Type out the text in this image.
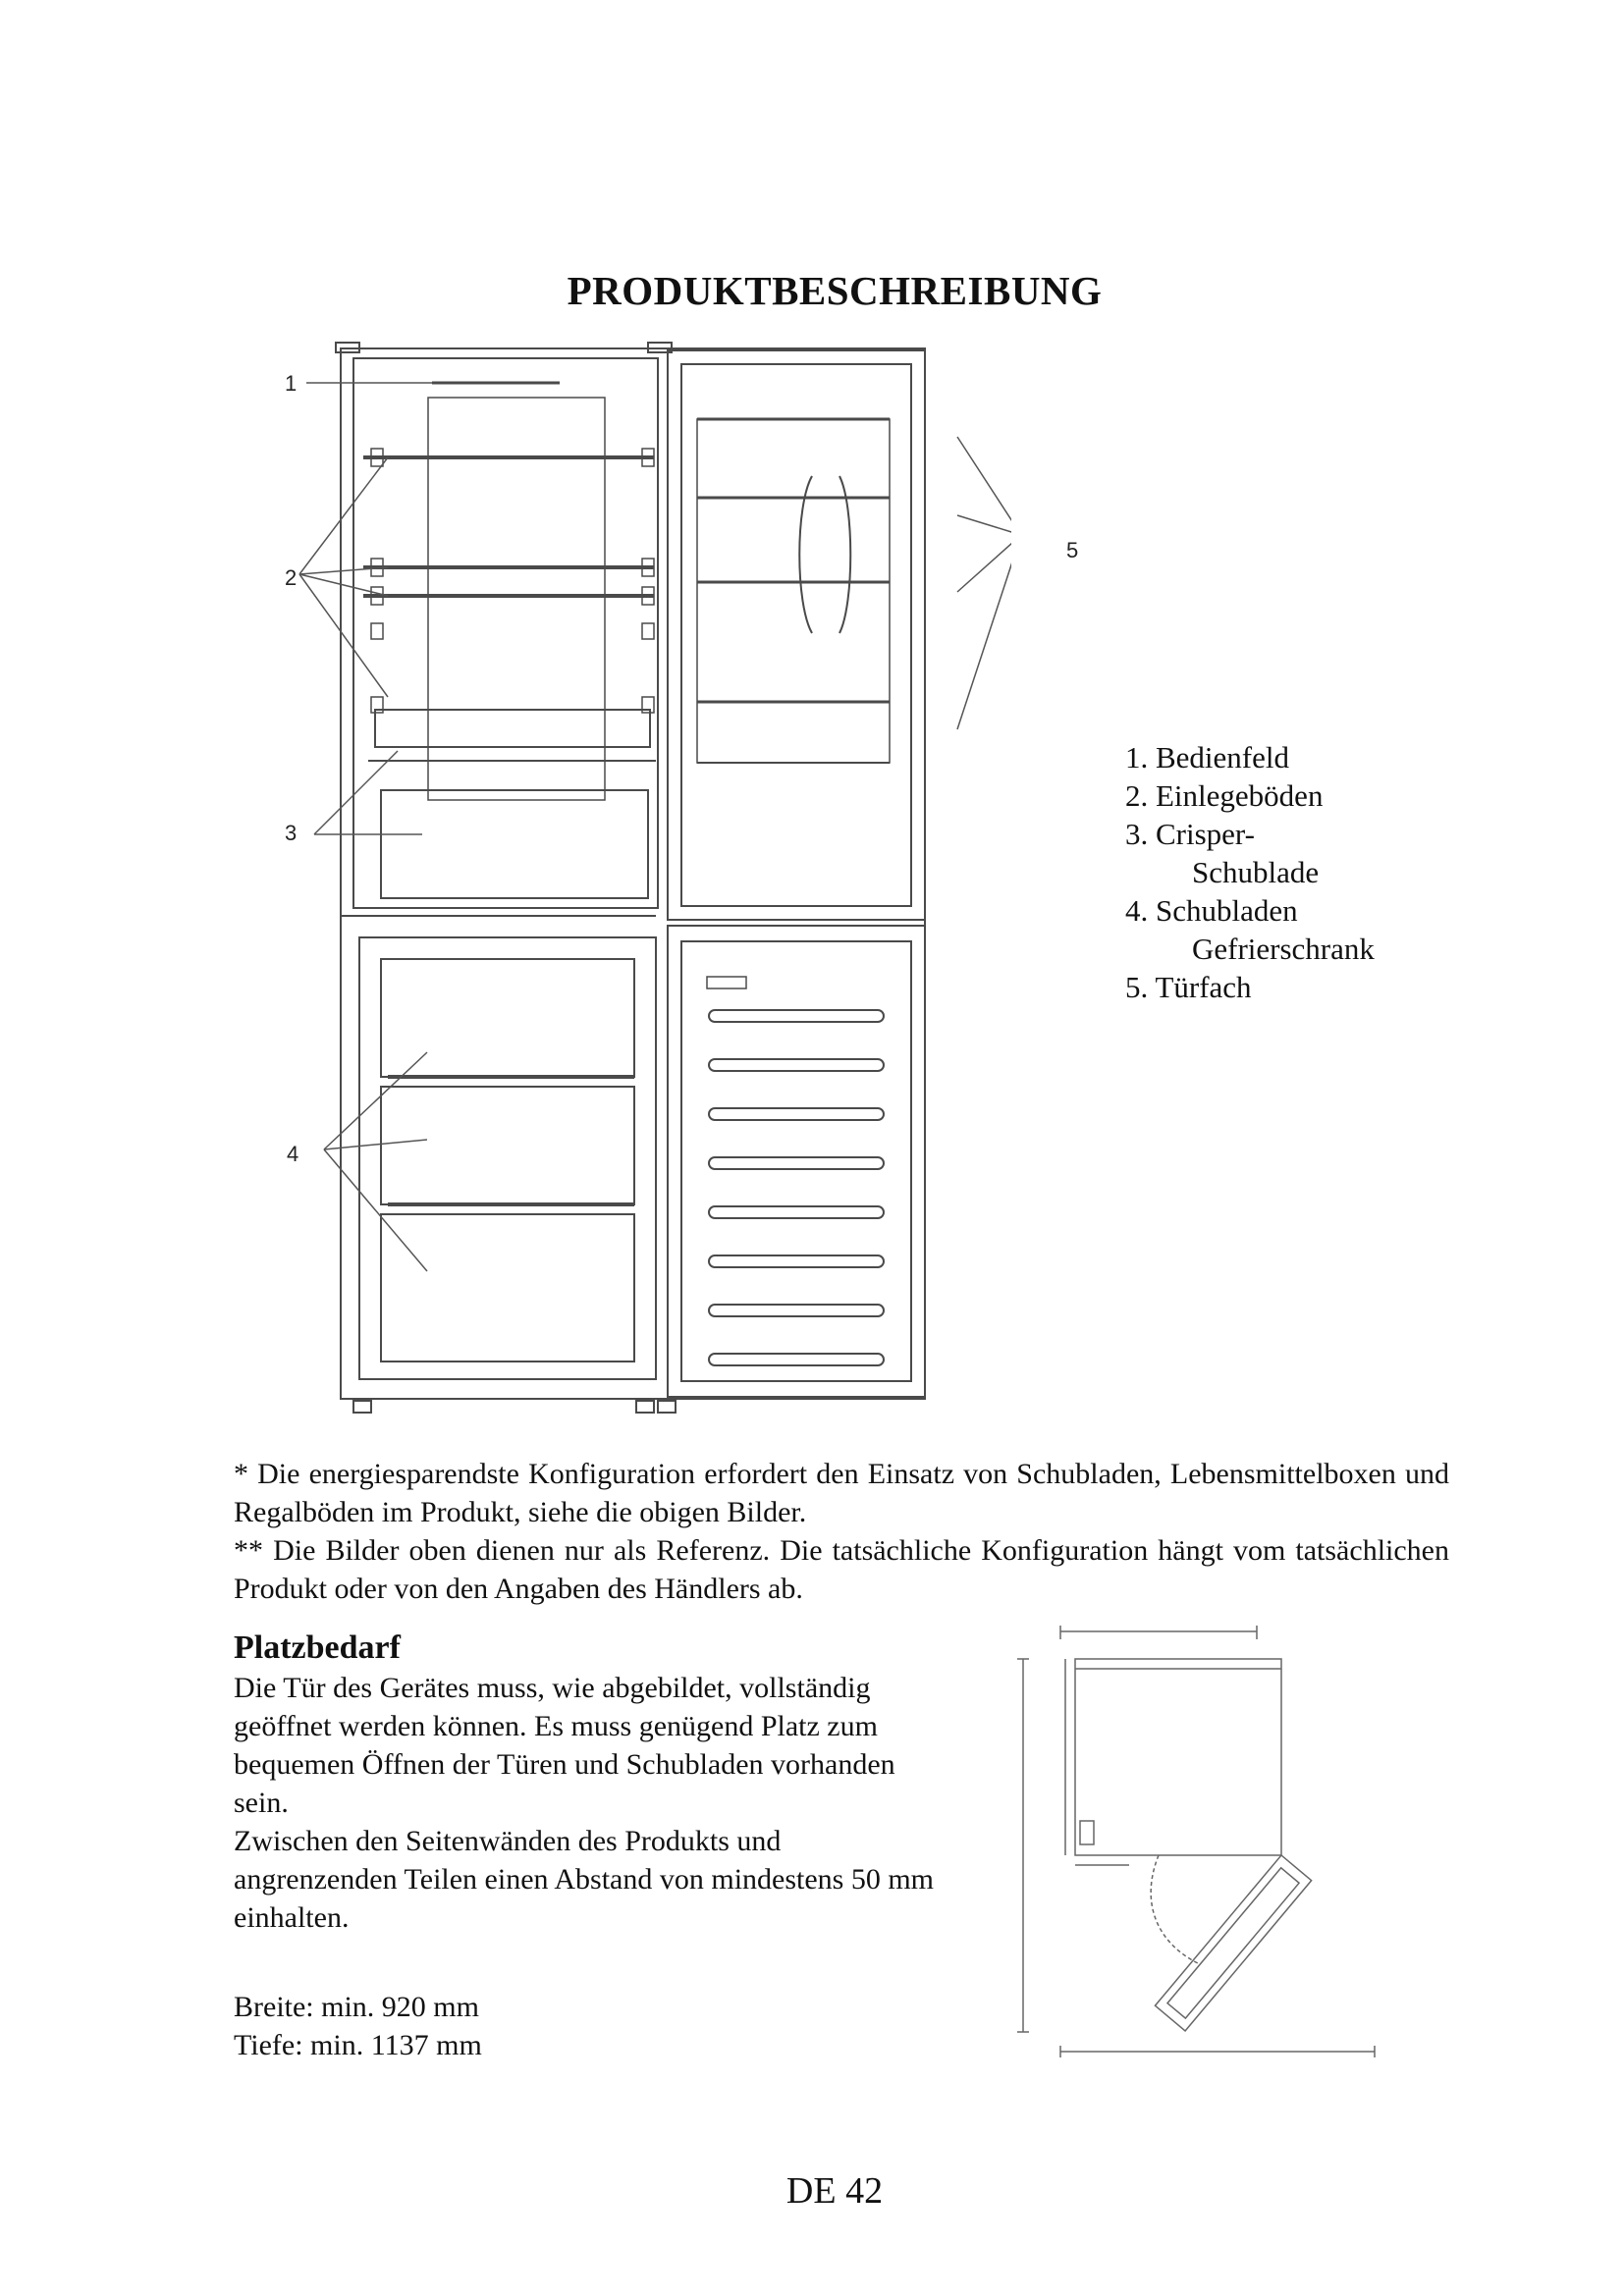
PRODUKTBESCHREIBUNG
1
2
3
4
5
1. Bedienfeld
2. Einlegeböden
3. Crisper-
Schublade
4. Schubladen
Gefrierschrank
5. Türfach

* Die energiesparendste Konfiguration erfordert den Einsatz von Schubladen, Lebensmittelboxen und Regalböden im Produkt, siehe die obigen Bilder.

** Die Bilder oben dienen nur als Referenz. Die tatsächliche Konfiguration hängt vom tatsächlichen Produkt oder von den Angaben des Händlers ab.

Platzbedarf

Die Tür des Gerätes muss, wie abgebildet, vollständig geöffnet werden können. Es muss genügend Platz zum bequemen Öffnen der Türen und Schubladen vorhanden sein.

Zwischen den Seitenwänden des Produkts und angrenzenden Teilen einen Abstand von mindestens 50 mm einhalten.

Breite: min. 920 mm
Tiefe: min. 1137 mm
DE 42
